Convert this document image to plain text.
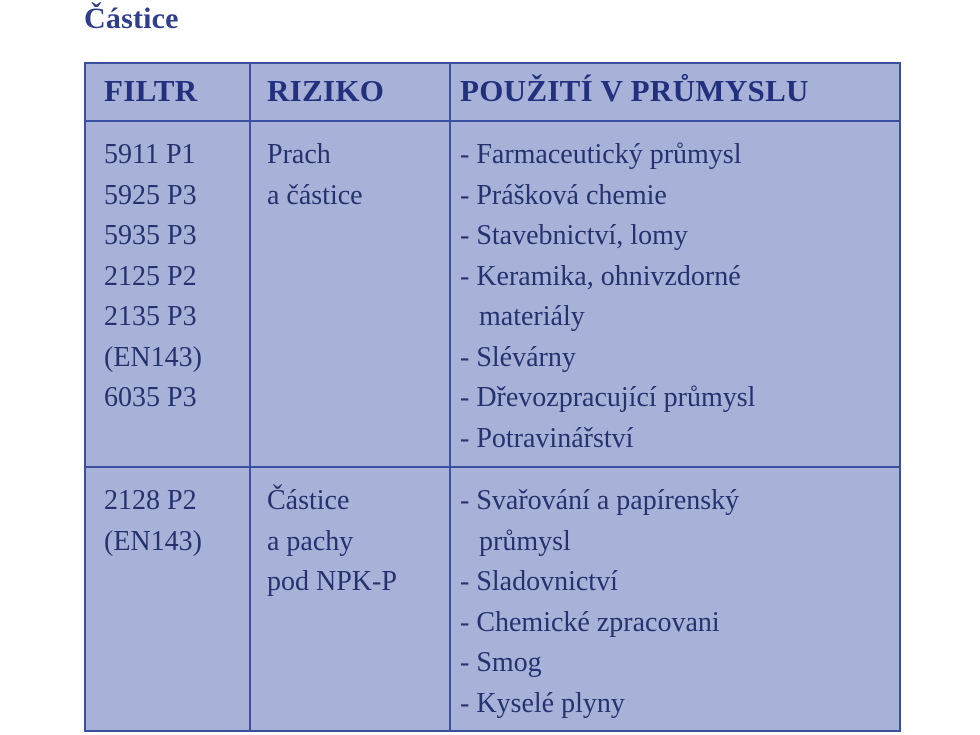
Částice
FILTR	RIZIKO	POUŽITÍ V PRŮMYSLU
5911 P1
5925 P3
5935 P3
2125 P2
2135 P3
(EN143)
6035 P3
Prach
a částice
- Farmaceutický průmysl
- Prášková chemie
- Stavebnictví, lomy
- Keramika, ohnivzdorné
materiály
- Slévárny
- Dřevozpracující průmysl
- Potravinářství
2128 P2
(EN143)
Částice
a pachy
pod NPK-P
- Svařování a papírenský
průmysl
- Sladovnictví
- Chemické zpracovani
- Smog
- Kyselé plyny
